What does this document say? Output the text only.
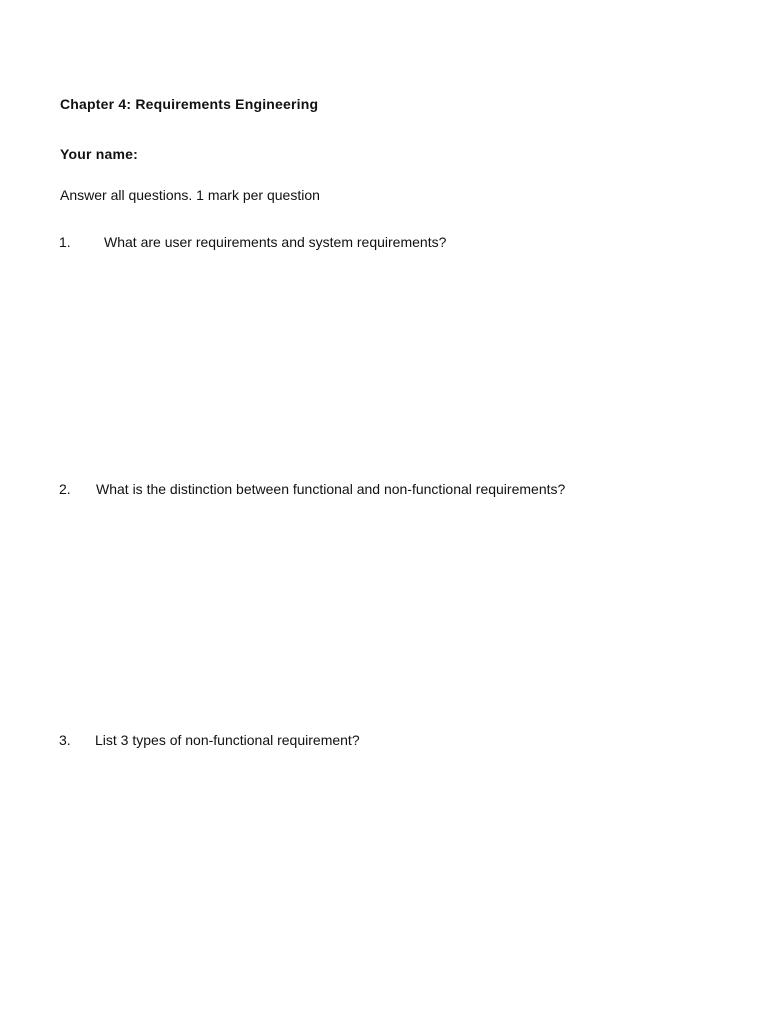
Chapter 4: Requirements Engineering
Your name:
Answer all questions. 1 mark per question
1. What are user requirements and system requirements?
2. What is the distinction between functional and non-functional requirements?
3. List 3 types of non-functional requirement?
